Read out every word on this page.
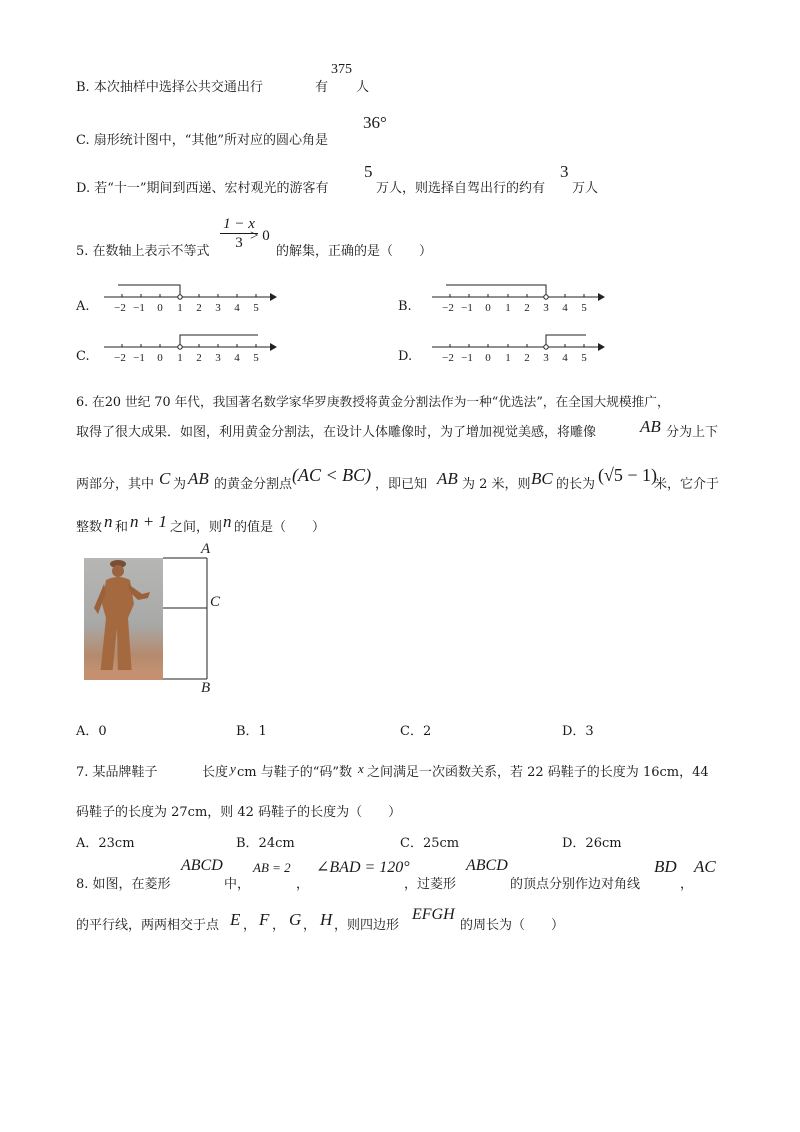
B. 本次抽样中选择公共交通出行	有
375
人
C. 扇形统计图中，“其他”所对应的圆心角是
36°
D. 若“十一”期间到西递、宏村观光的游客有
5
万人，则选择自驾出行的约有
3
万人
5. 在数轴上表示不等式
1 − x
3 > 0
的解集，正确的是（　　）
A.	B.
C.	D.
−2 −1 0 1 2 3 4 5	−2 −1 0 1 2 3 4 5
−2 −1 0 1 2 3 4 5	−2 −1 0 1 2 3 4 5
6. 在20 世纪 70 年代，我国著名数学家华罗庚教授将黄金分割法作为一种“优选法”，在全国大规模推广，
取得了很大成果．如图，利用黄金分割法，在设计人体雕像时，为了增加视觉美感，将雕像	AB 分为上下
两部分，其中 C 为 AB 的黄金分割点 (AC < BC) ，即已知 AB 为 2 米，则 BC 的长为 (√5 − 1)
米，它介于
整数 n 和 n + 1 之间，则 n 的值是（　　）
A
C
B
A．0	B．1	C．2	D．3
7. 某品牌鞋子	长度 y cm 与鞋子的“码”数 x 之间满足一次函数关系，若 22 码鞋子的长度为 16cm，44
码鞋子的长度为 27cm，则 42 码鞋子的长度为（　　）
A．23cm	B．24cm	C．25cm	D．26cm
8. 如图，在菱形
ABCD
中，
AB = 2
，
∠BAD = 120°
，过菱形
ABCD
的顶点分别作边对角线
BD
，
AC
的平行线，两两相交于点 E ， F ， G ， H ，则四边形
EFGH
的周长为（　　）
